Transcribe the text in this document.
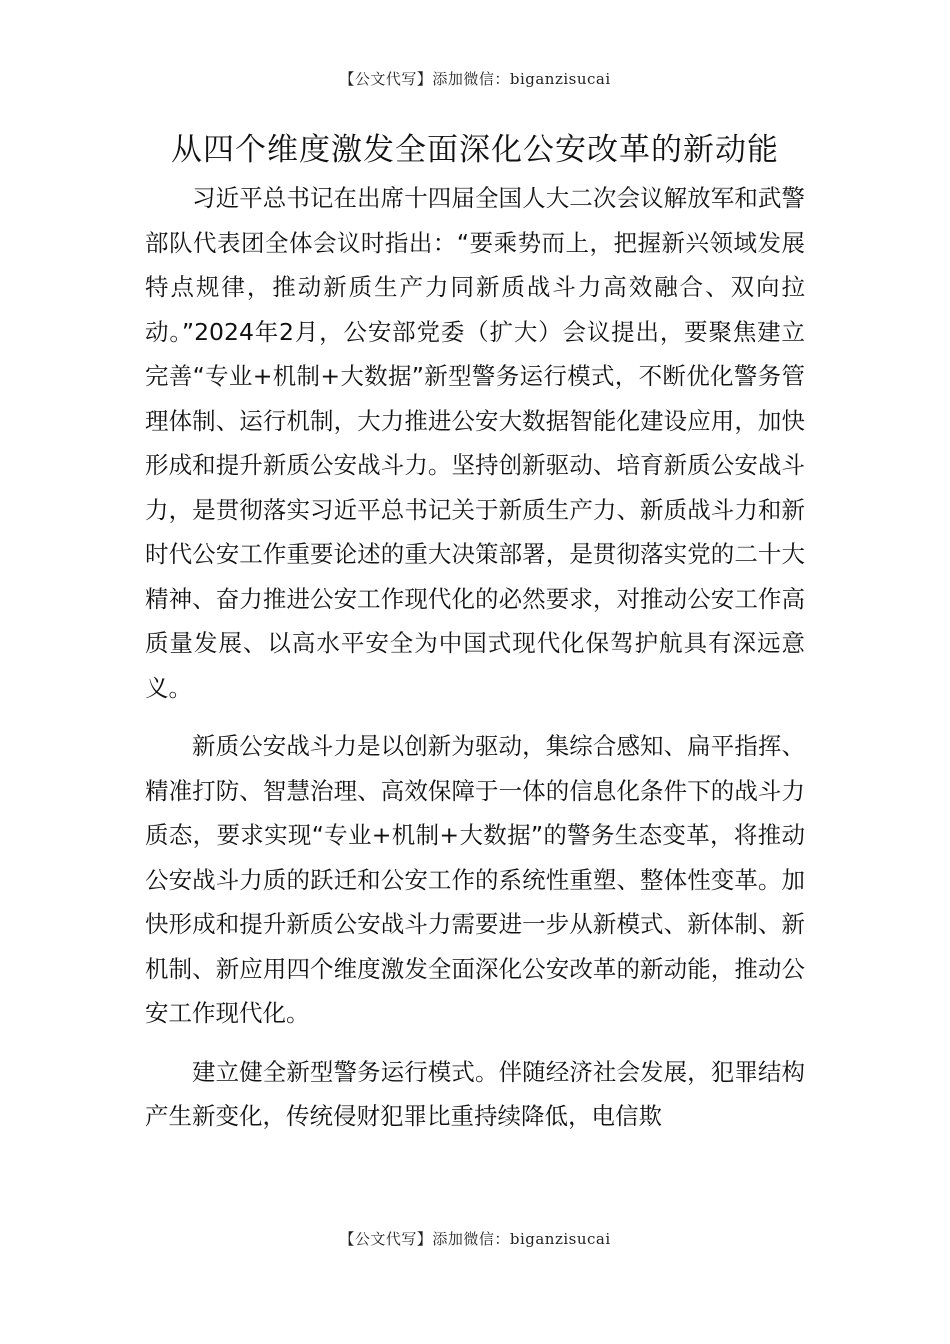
【公文代写】添加微信：biganzisucai
从四个维度激发全面深化公安改革的新动能

习近平总书记在出席十四届全国人大二次会议解放军和武警部队代表团全体会议时指出：“要乘势而上，把握新兴领域发展特点规律，推动新质生产力同新质战斗力高效融合、双向拉动。”2024年2月，公安部党委（扩大）会议提出，要聚焦建立完善“专业+机制+大数据”新型警务运行模式，不断优化警务管理体制、运行机制，大力推进公安大数据智能化建设应用，加快形成和提升新质公安战斗力。坚持创新驱动、培育新质公安战斗力，是贯彻落实习近平总书记关于新质生产力、新质战斗力和新时代公安工作重要论述的重大决策部署，是贯彻落实党的二十大精神、奋力推进公安工作现代化的必然要求，对推动公安工作高质量发展、以高水平安全为中国式现代化保驾护航具有深远意义。

新质公安战斗力是以创新为驱动，集综合感知、扁平指挥、精准打防、智慧治理、高效保障于一体的信息化条件下的战斗力质态，要求实现“专业+机制+大数据”的警务生态变革，将推动公安战斗力质的跃迁和公安工作的系统性重塑、整体性变革。加快形成和提升新质公安战斗力需要进一步从新模式、新体制、新机制、新应用四个维度激发全面深化公安改革的新动能，推动公安工作现代化。

建立健全新型警务运行模式。伴随经济社会发展，犯罪结构产生新变化，传统侵财犯罪比重持续降低，电信欺

【公文代写】添加微信：biganzisucai
